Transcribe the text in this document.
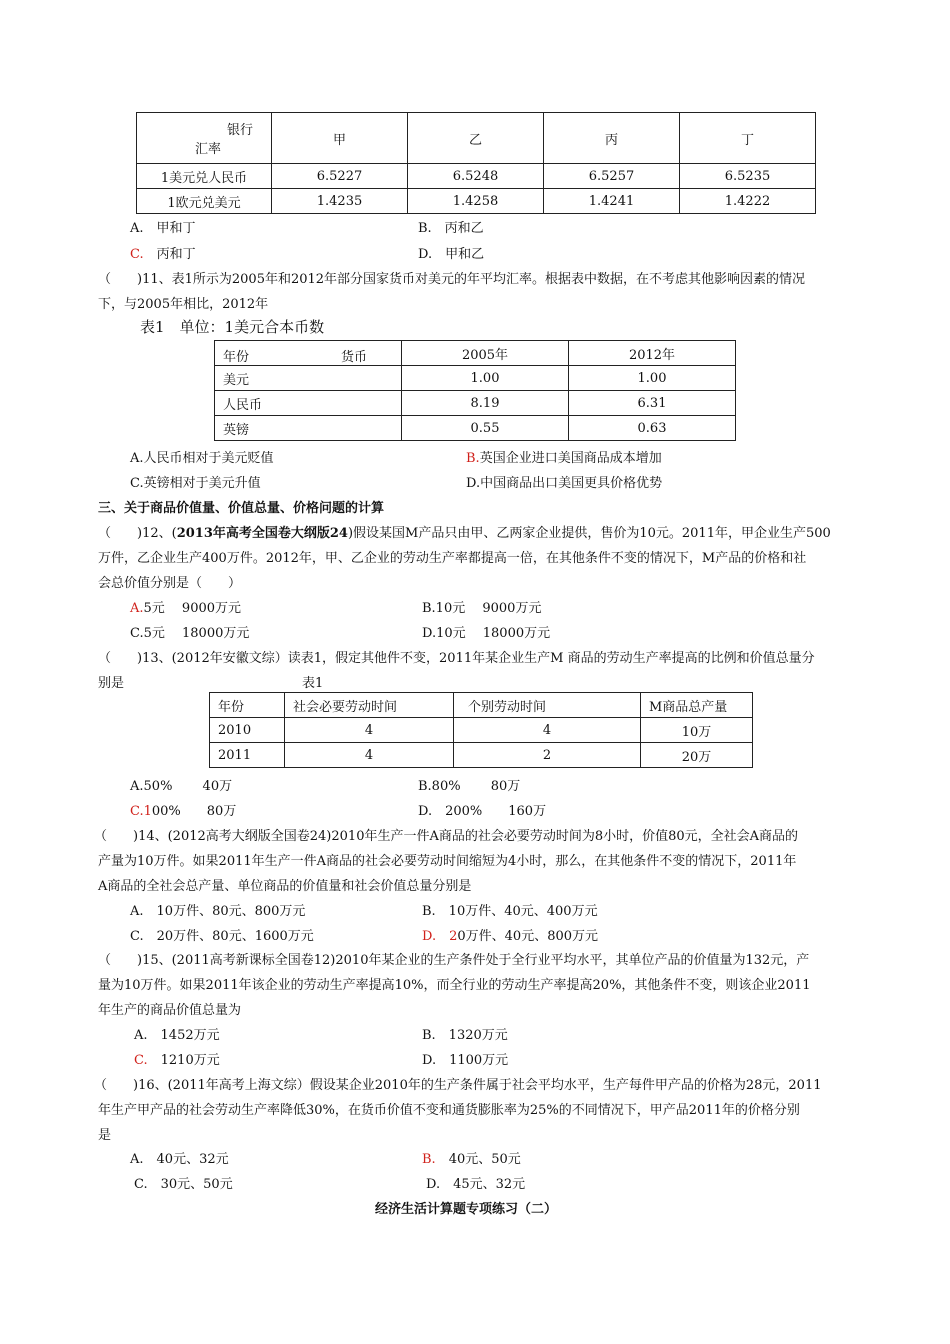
银行
汇率	甲	乙	丙	丁
1美元兑人民币	6.5227	6.5248	6.5257	6.5235
1欧元兑美元	1.4235	1.4258	1.4241	1.4222
A.　甲和丁	B.　丙和乙
C.　丙和丁	D.　甲和乙
（　　)11、表1所示为2005年和2012年部分国家货币对美元的年平均汇率。根据表中数据，在不考虑其他影响因素的情况
下，与2005年相比，2012年
表1　单位：1美元合本币数
年份 货币	2005年	2012年
美元	1.00	1.00
人民币	8.19	6.31
英镑	0.55	0.63
A.人民币相对于美元贬值	B.英国企业进口美国商品成本增加
C.英镑相对于美元升值	D.中国商品出口美国更具价格优势
三、关于商品价值量、价值总量、价格问题的计算
（　　)12、(2013年高考全国卷大纲版24)假设某国M产品只由甲、乙两家企业提供，售价为10元。2011年，甲企业生产500
万件，乙企业生产400万件。2012年，甲、乙企业的劳动生产率都提高一倍，在其他条件不变的情况下，M产品的价格和社
会总价值分别是（　　）
A.5元　 9000万元	B.10元　 9000万元
C.5元　 18000万元	D.10元　 18000万元
（　　)13、(2012年安徽文综）读表1，假定其他件不变，2011年某企业生产M 商品的劳动生产率提高的比例和价值总量分
别是	表1
年份	社会必要劳动时间	个别劳动时间	M商品总产量
2010	4	4	10万
2011	4	2	20万
A.50%　　 40万	B.80%　　 80万
C.100%　　80万	D.　200%　　160万
（　　)14、(2012高考大纲版全国卷24)2010年生产一件A商品的社会必要劳动时间为8小时，价值80元，全社会A商品的
产量为10万件。如果2011年生产一件A商品的社会必要劳动时间缩短为4小时，那么，在其他条件不变的情况下，2011年
A商品的全社会总产量、单位商品的价值量和社会价值总量分别是
A.　10万件、80元、800万元	B.　10万件、40元、400万元
C.　20万件、80元、1600万元	D.　20万件、40元、800万元
（　　)15、(2011高考新课标全国卷12)2010年某企业的生产条件处于全行业平均水平，其单位产品的价值量为132元，产
量为10万件。如果2011年该企业的劳动生产率提高10%，而全行业的劳动生产率提高20%，其他条件不变，则该企业2011
年生产的商品价值总量为
A.　1452万元	B.　1320万元
C.　1210万元	D.　1100万元
（　　)16、(2011年高考上海文综）假设某企业2010年的生产条件属于社会平均水平，生产每件甲产品的价格为28元，2011
年生产甲产品的社会劳动生产率降低30%，在货币价值不变和通货膨胀率为25%的不同情况下，甲产品2011年的价格分别
是
A.　40元、32元	B.　40元、50元
C.　30元、50元	D.　45元、32元
经济生活计算题专项练习（二）
